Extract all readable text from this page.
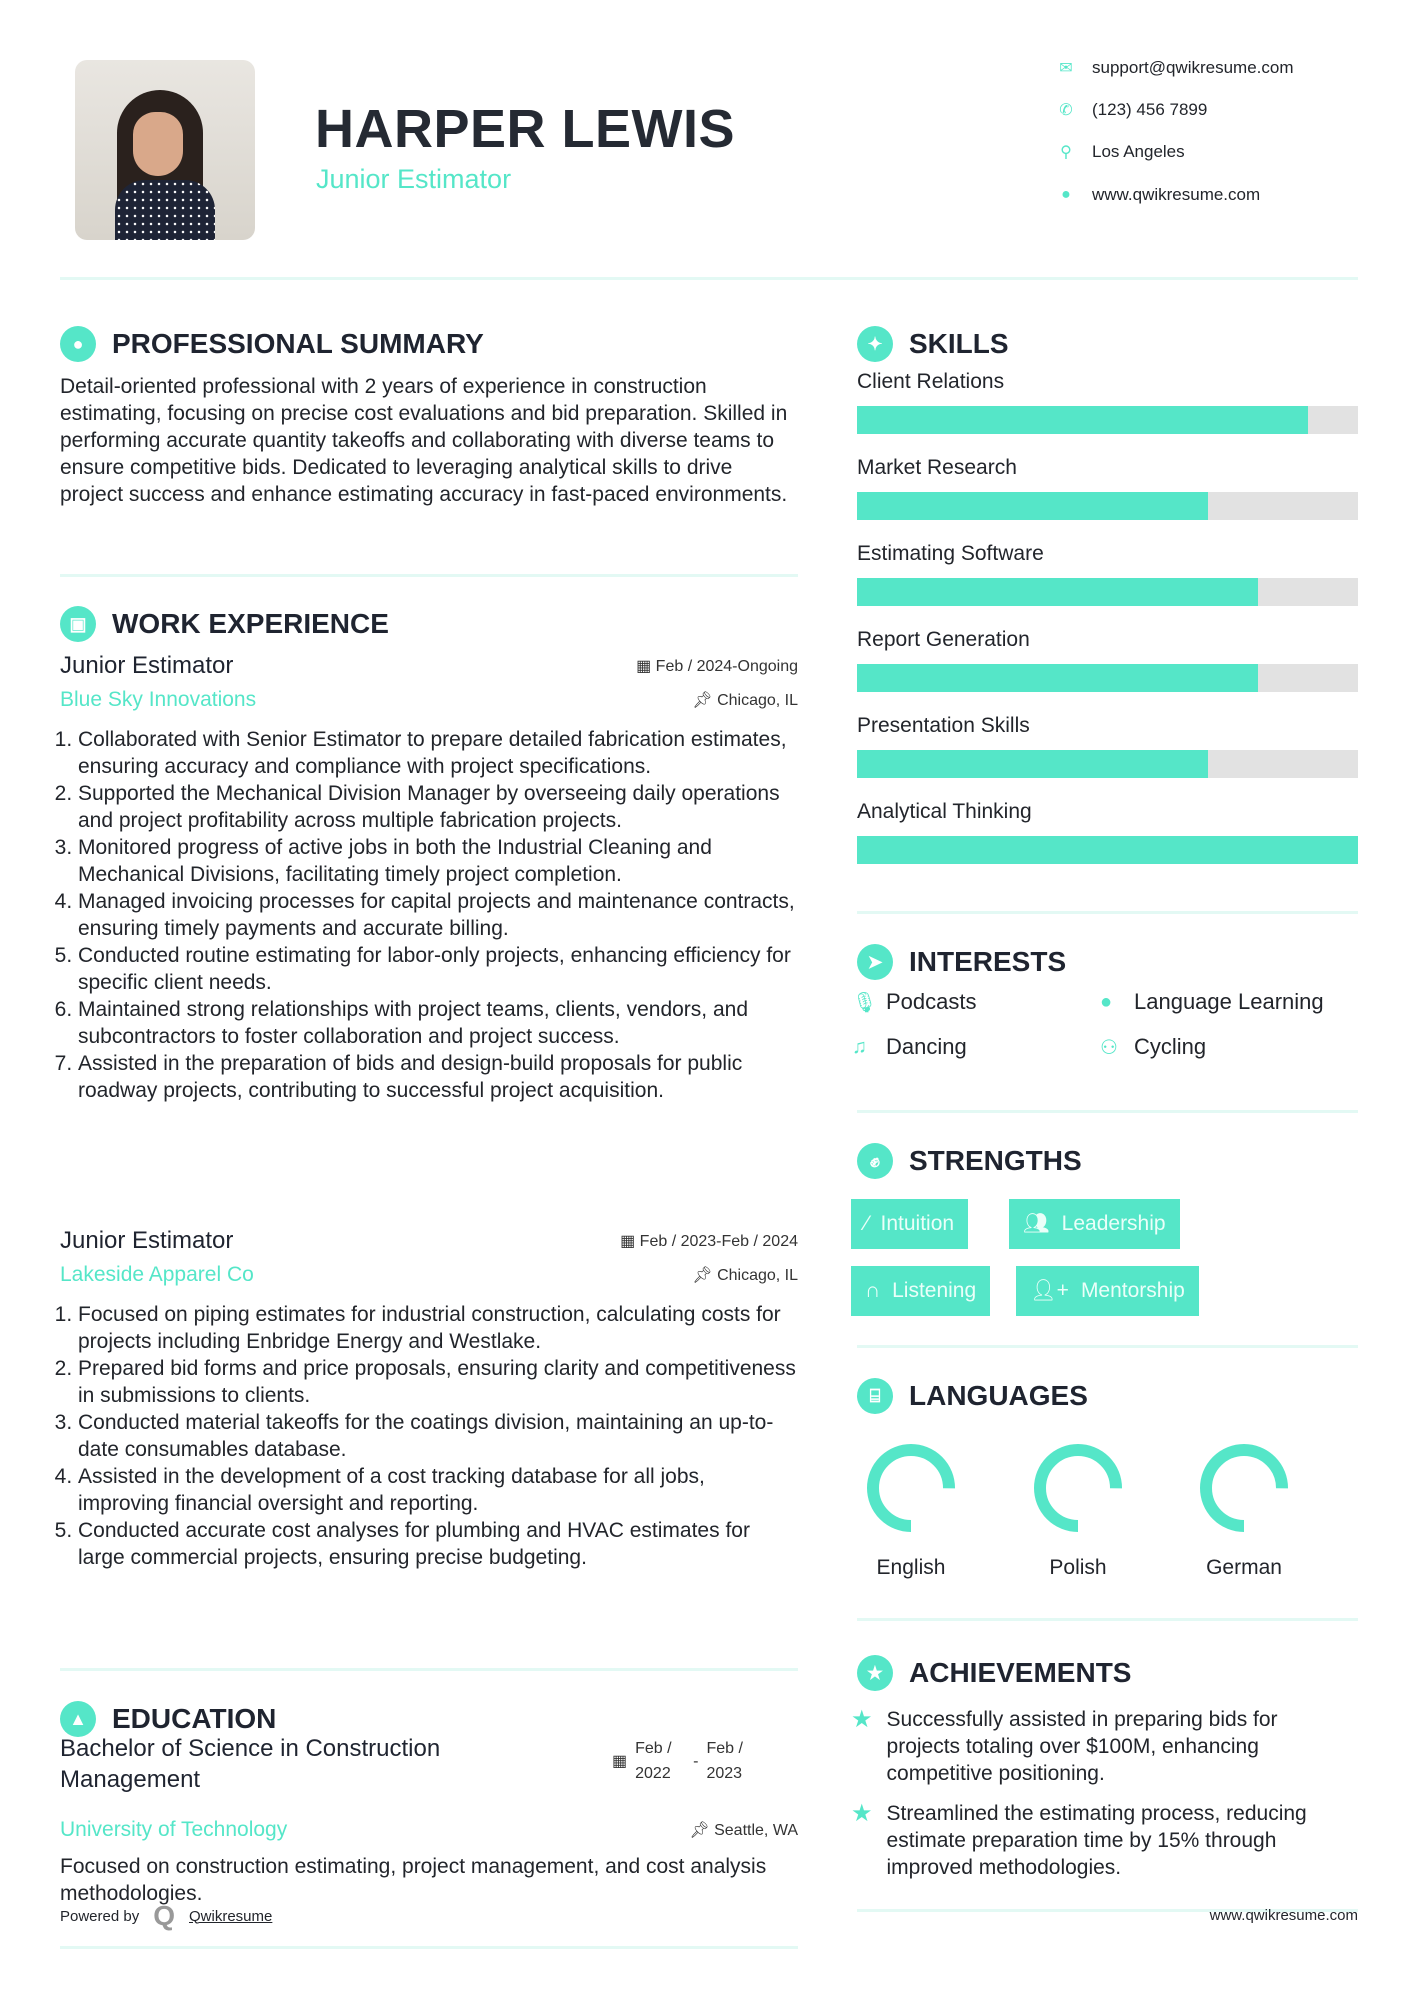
HARPER LEWIS
Junior Estimator
✉ support@qwikresume.com
✆ (123) 456 7899
⚲ Los Angeles
●	www.qwikresume.com
●	PROFESSIONAL SUMMARY
Detail-oriented professional with 2 years of experience in construction estimating, focusing on precise cost evaluations and bid preparation. Skilled in performing accurate quantity takeoffs and collaborating with diverse teams to ensure competitive bids. Dedicated to leveraging analytical skills to drive project success and enhance estimating accuracy in fast-paced environments.
▣ WORK EXPERIENCE
Junior Estimator	▦ Feb / 2024-Ongoing
Blue Sky Innovations	📌︎ Chicago, IL
1. Collaborated with Senior Estimator to prepare detailed fabrication estimates, ensuring accuracy and compliance with project specifications.
2. Supported the Mechanical Division Manager by overseeing daily operations and project profitability across multiple fabrication projects.
3. Monitored progress of active jobs in both the Industrial Cleaning and Mechanical Divisions, facilitating timely project completion.
4. Managed invoicing processes for capital projects and maintenance contracts, ensuring timely payments and accurate billing.
5. Conducted routine estimating for labor-only projects, enhancing efficiency for specific client needs.
6. Maintained strong relationships with project teams, clients, vendors, and subcontractors to foster collaboration and project success.
7. Assisted in the preparation of bids and design-build proposals for public roadway projects, contributing to successful project acquisition.
Junior Estimator	▦ Feb / 2023-Feb / 2024
Lakeside Apparel Co	📌︎ Chicago, IL
1. Focused on piping estimates for industrial construction, calculating costs for projects including Enbridge Energy and Westlake.
2. Prepared bid forms and price proposals, ensuring clarity and competitiveness in submissions to clients.
3. Conducted material takeoffs for the coatings division, maintaining an up-to-date consumables database.
4. Assisted in the development of a cost tracking database for all jobs, improving financial oversight and reporting.
5. Conducted accurate cost analyses for plumbing and HVAC estimates for large commercial projects, ensuring precise budgeting.
▲ EDUCATION
Bachelor of Science in Construction Management
▦
Feb / 2022
-
Feb / 2023
University of Technology	📌︎ Seattle, WA
Focused on construction estimating, project management, and cost analysis methodologies.
Powered by Q Qwikresume
✦ SKILLS
Client Relations
Market Research
Estimating Software
Report Generation
Presentation Skills
Analytical Thinking
➤ INTERESTS
🎙︎ Podcasts	● Language Learning
♫ Dancing	⚇ Cycling
✊︎	STRENGTHS
⁄ Intuition	👥︎ Leadership
∩ Listening	👤︎+ Mentorship
⌸	LANGUAGES
English	Polish	German
★ ACHIEVEMENTS
★ Successfully assisted in preparing bids for projects totaling over $100M, enhancing competitive positioning.
★ Streamlined the estimating process, reducing estimate preparation time by 15% through improved methodologies.
www.qwikresume.com
